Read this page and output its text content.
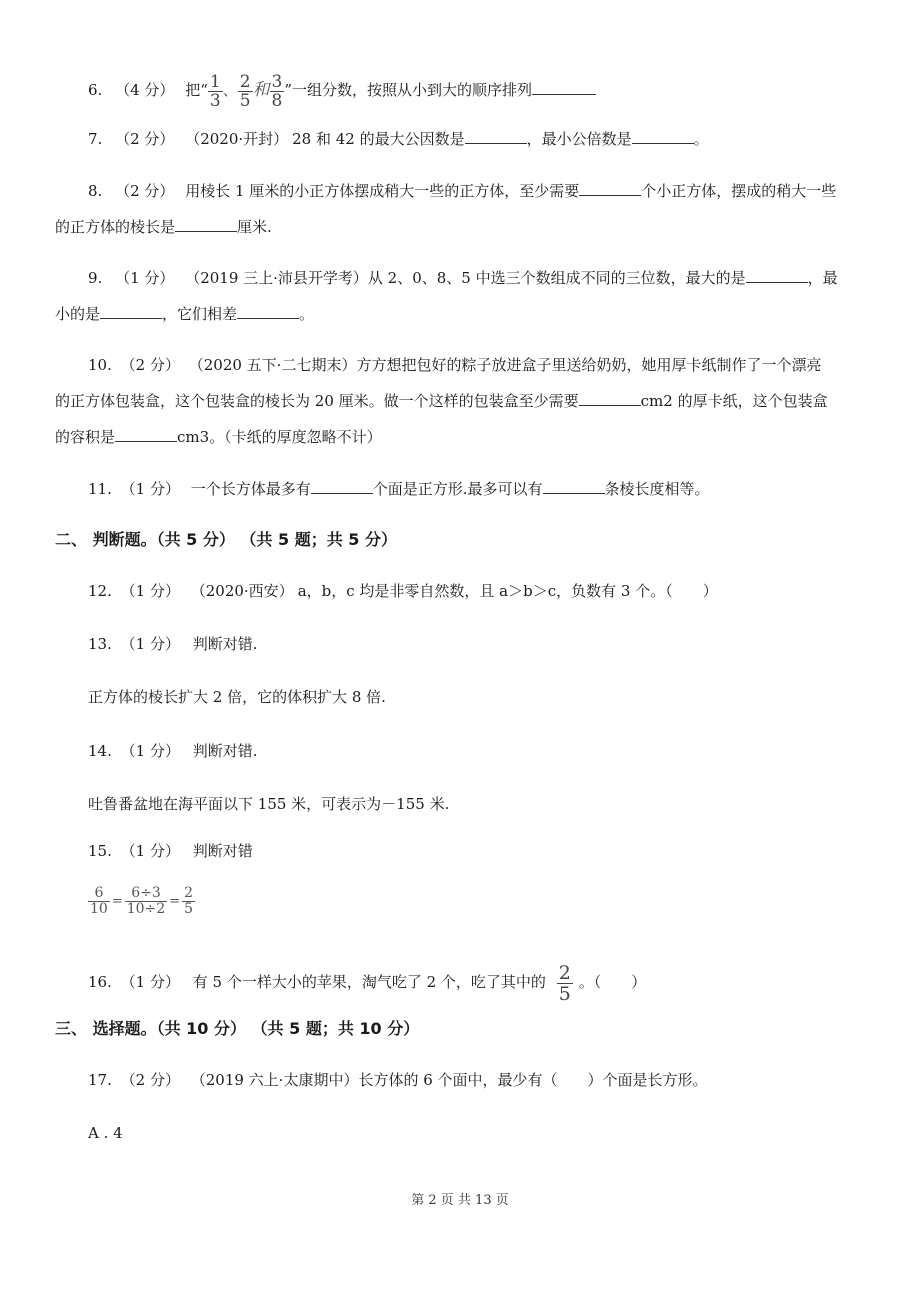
6. （4 分） 把“ $\frac{1}{3}$ 、 $\frac{2}{5}$ 和 $\frac{3}{8}$ ”一组分数，按照从小到大的顺序排列
7. （2 分） （2020·开封） 28 和 42 的最大公因数是	，最小公倍数是	。
8. （2 分） 用棱长 1 厘米的小正方体摆成稍大一些的正方体，至少需要	个小正方体，摆成的稍大一些
的正方体的棱长是	厘米.
9. （1 分） （2019 三上·沛县开学考）从 2、0、8、5 中选三个数组成不同的三位数，最大的是	，最
小的是	，它们相差	。
10. （2 分） （2020 五下·二七期末）方方想把包好的粽子放进盒子里送给奶奶，她用厚卡纸制作了一个漂亮
的正方体包装盒，这个包装盒的棱长为 20 厘米。做一个这样的包装盒至少需要	cm2 的厚卡纸，这个包装盒
的容积是	cm3。（卡纸的厚度忽略不计）
11. （1 分） 一个长方体最多有	个面是正方形.最多可以有	条棱长度相等。
二、 判断题。（共 5 分） （共 5 题；共 5 分）
12. （1 分） （2020·西安） a，b，c 均是非零自然数，且 a＞b＞c，负数有 3 个。（　　）
13. （1 分） 判断对错.
正方体的棱长扩大 2 倍，它的体积扩大 8 倍.
14. （1 分） 判断对错.
吐鲁番盆地在海平面以下 155 米，可表示为－155 米.
15. （1 分） 判断对错
$\frac{6}{10} = \frac{6\div 3}{10\div 2} = \frac{2}{5}$
16. （1 分） 有 5 个一样大小的苹果，淘气吃了 2 个，吃了其中的 $\frac{2}{5}$ 。（　　）
三、 选择题。（共 10 分） （共 5 题；共 10 分）
17. （2 分） （2019 六上·太康期中）长方体的 6 个面中，最少有（　　）个面是长方形。
A . 4
第 2 页 共 13 页
